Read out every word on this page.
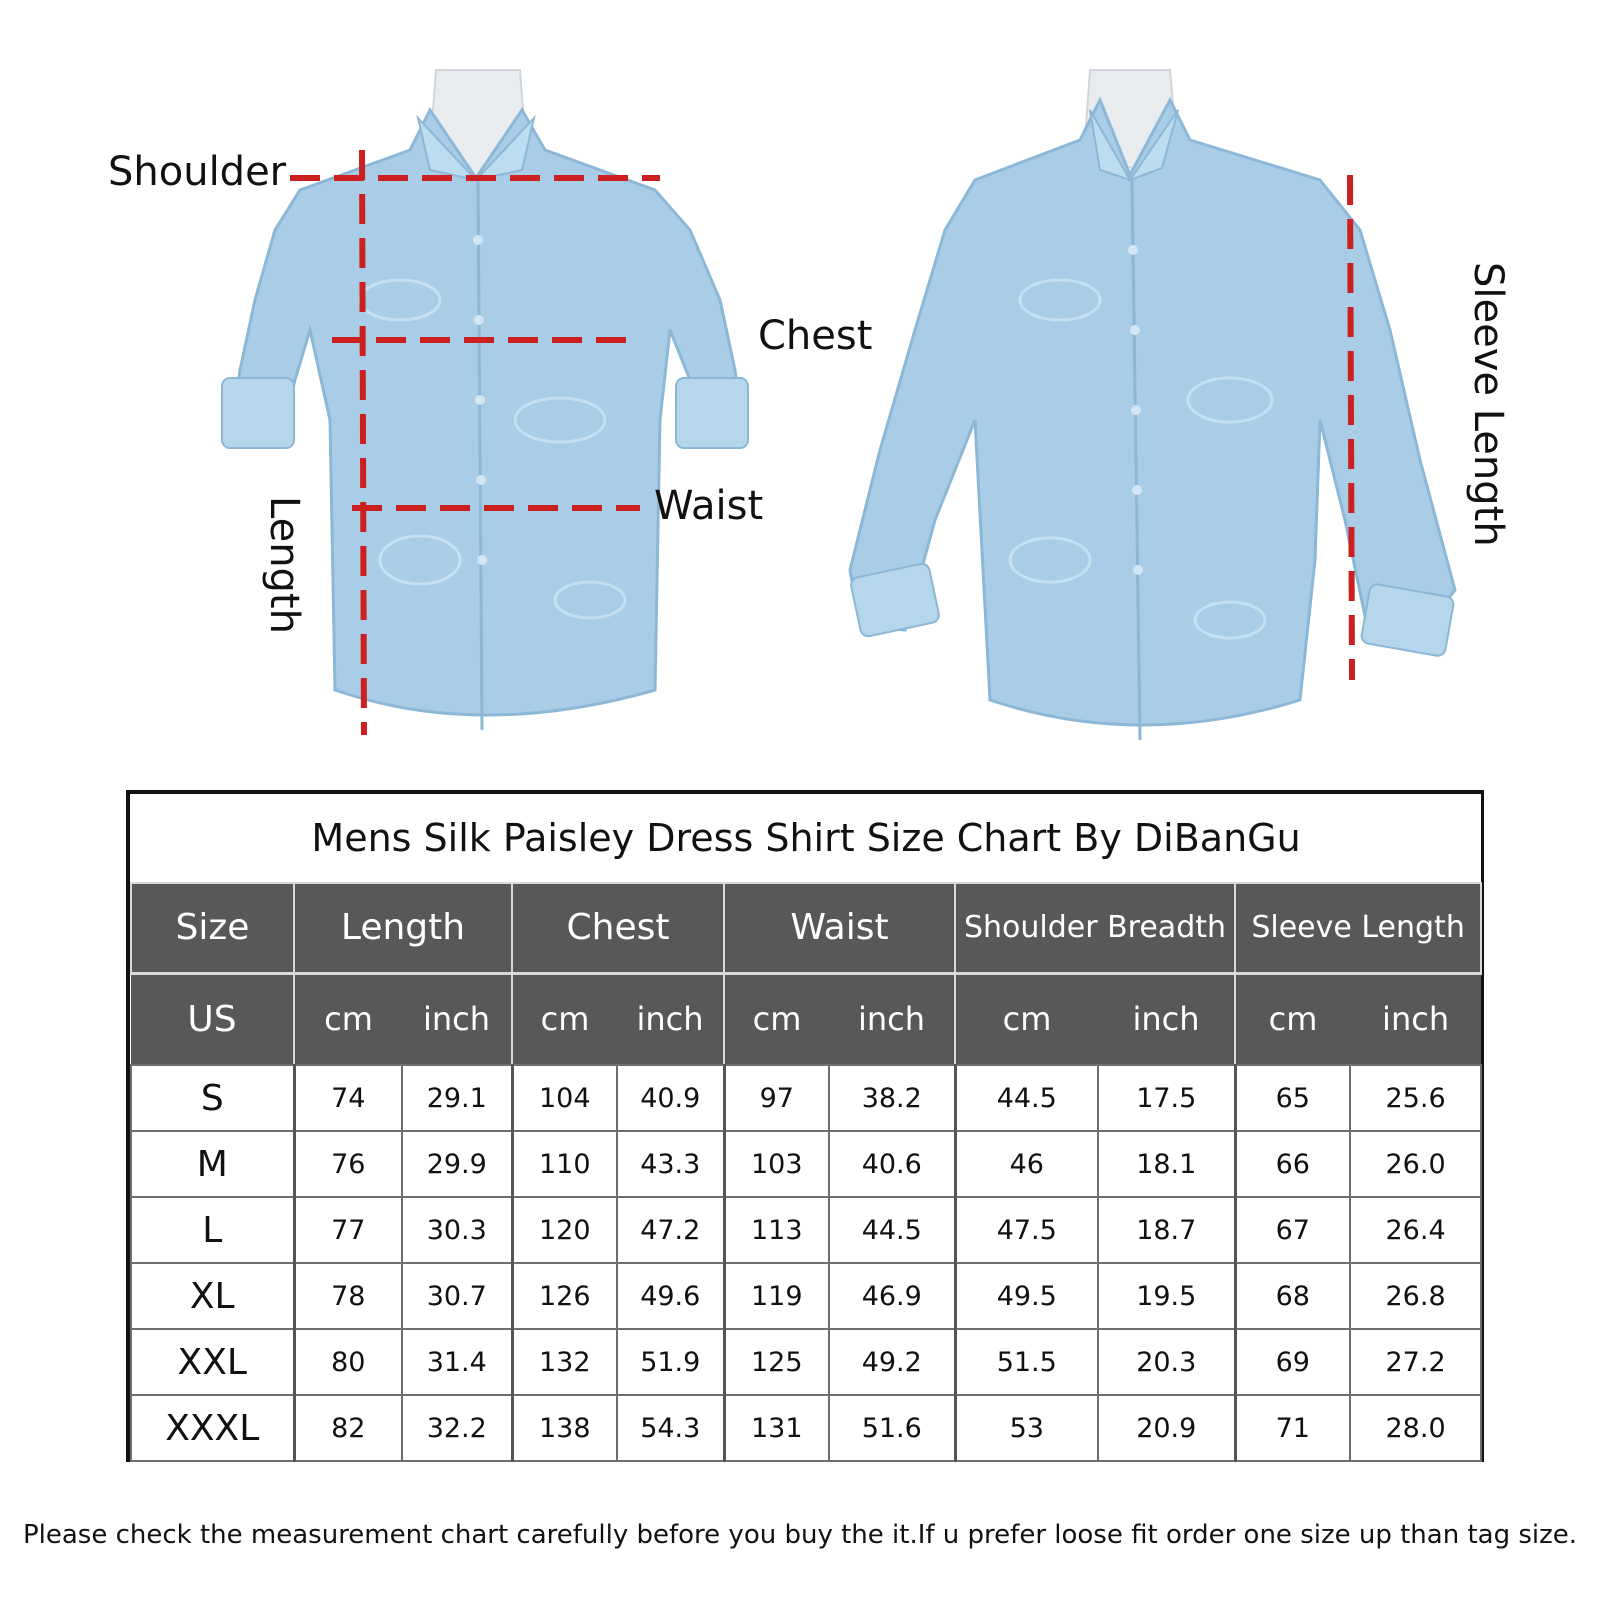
Shoulder
Chest
Waist
Length
Sleeve Length
Mens Silk Paisley Dress Shirt Size Chart By DiBanGu										
Size	Length		Chest		Waist		Shoulder Breadth		Sleeve Length	
US	cm	inch	cm	inch	cm	inch	cm	inch	cm	inch
S	74	29.1	104	40.9	97	38.2	44.5	17.5	65	25.6
M	76	29.9	110	43.3	103	40.6	46	18.1	66	26.0
L	77	30.3	120	47.2	113	44.5	47.5	18.7	67	26.4
XL	78	30.7	126	49.6	119	46.9	49.5	19.5	68	26.8
XXL	80	31.4	132	51.9	125	49.2	51.5	20.3	69	27.2
XXXL	82	32.2	138	54.3	131	51.6	53	20.9	71	28.0
Please check the measurement chart carefully before you buy the it.If u prefer loose fit order one size up than tag size.
